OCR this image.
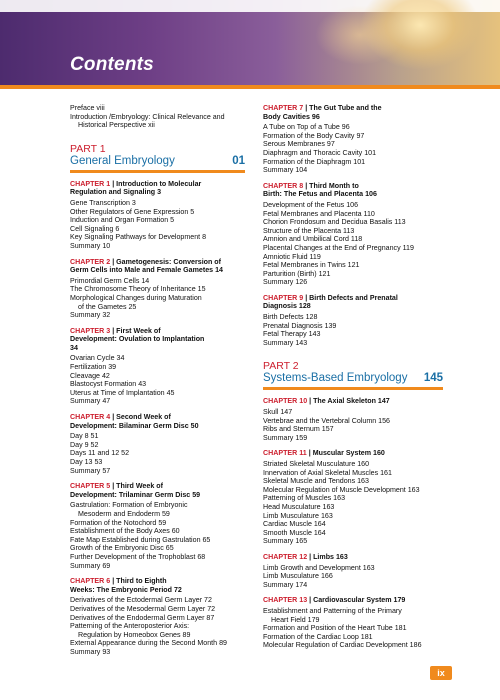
Contents
Preface viii
Introduction /Embryology: Clinical Relevance and
Historical Perspective xii
PART 1
General Embryology	01
CHAPTER 1 | Introduction to Molecular
Regulation and Signaling 3
Gene Transcription 3
Other Regulators of Gene Expression 5
Induction and Organ Formation 5
Cell Signaling 6
Key Signaling Pathways for Development 8
Summary 10
CHAPTER 2 | Gametogenesis: Conversion of
Germ Cells into Male and Female Gametes 14
Primordial Germ Cells 14
The Chromosome Theory of Inheritance 15
Morphological Changes during Maturation
of the Gametes 25
Summary 32
CHAPTER 3 | First Week of
Development: Ovulation to Implantation
34
Ovarian Cycle 34
Fertilization 39
Cleavage 42
Blastocyst Formation 43
Uterus at Time of Implantation 45
Summary 47
CHAPTER 4 | Second Week of
Development: Bilaminar Germ Disc 50
Day 8 51
Day 9 52
Days 11 and 12 52
Day 13 53
Summary 57
CHAPTER 5 | Third Week of
Development: Trilaminar Germ Disc 59
Gastrulation: Formation of Embryonic
Mesoderm and Endoderm 59
Formation of the Notochord 59
Establishment of the Body Axes 60
Fate Map Established during Gastrulation 65
Growth of the Embryonic Disc 65
Further Development of the Trophoblast 68
Summary 69
CHAPTER 6 | Third to Eighth
Weeks: The Embryonic Period 72
Derivatives of the Ectodermal Germ Layer 72
Derivatives of the Mesodermal Germ Layer 72
Derivatives of the Endodermal Germ Layer 87
Patterning of the Anteroposterior Axis:
Regulation by Homeobox Genes 89
External Appearance during the Second Month 89
Summary 93
CHAPTER 7 | The Gut Tube and the
Body Cavities 96
A Tube on Top of a Tube 96
Formation of the Body Cavity 97
Serous Membranes 97
Diaphragm and Thoracic Cavity 101
Formation of the Diaphragm 101
Summary 104
CHAPTER 8 | Third Month to
Birth: The Fetus and Placenta 106
Development of the Fetus 106
Fetal Membranes and Placenta 110
Chorion Frondosum and Decidua Basalis 113
Structure of the Placenta 113
Amnion and Umbilical Cord 118
Placental Changes at the End of Pregnancy 119
Amniotic Fluid 119
Fetal Membranes in Twins 121
Parturition (Birth) 121
Summary 126
CHAPTER 9 | Birth Defects and Prenatal
Diagnosis 128
Birth Defects 128
Prenatal Diagnosis 139
Fetal Therapy 143
Summary 143
PART 2
Systems-Based Embryology 145
CHAPTER 10 | The Axial Skeleton 147
Skull 147
Vertebrae and the Vertebral Column 156
Ribs and Sternum 157
Summary 159
CHAPTER 11 | Muscular System 160
Striated Skeletal Musculature 160
Innervation of Axial Skeletal Muscles 161
Skeletal Muscle and Tendons 163
Molecular Regulation of Muscle Development 163
Patterning of Muscles 163
Head Musculature 163
Limb Musculature 163
Cardiac Muscle 164
Smooth Muscle 164
Summary 165
CHAPTER 12 | Limbs 163
Limb Growth and Development 163
Limb Musculature 166
Summary 174
CHAPTER 13 | Cardiovascular System 179
Establishment and Patterning of the Primary
Heart Field 179
Formation and Position of the Heart Tube 181
Formation of the Cardiac Loop 181
Molecular Regulation of Cardiac Development 186
ix
